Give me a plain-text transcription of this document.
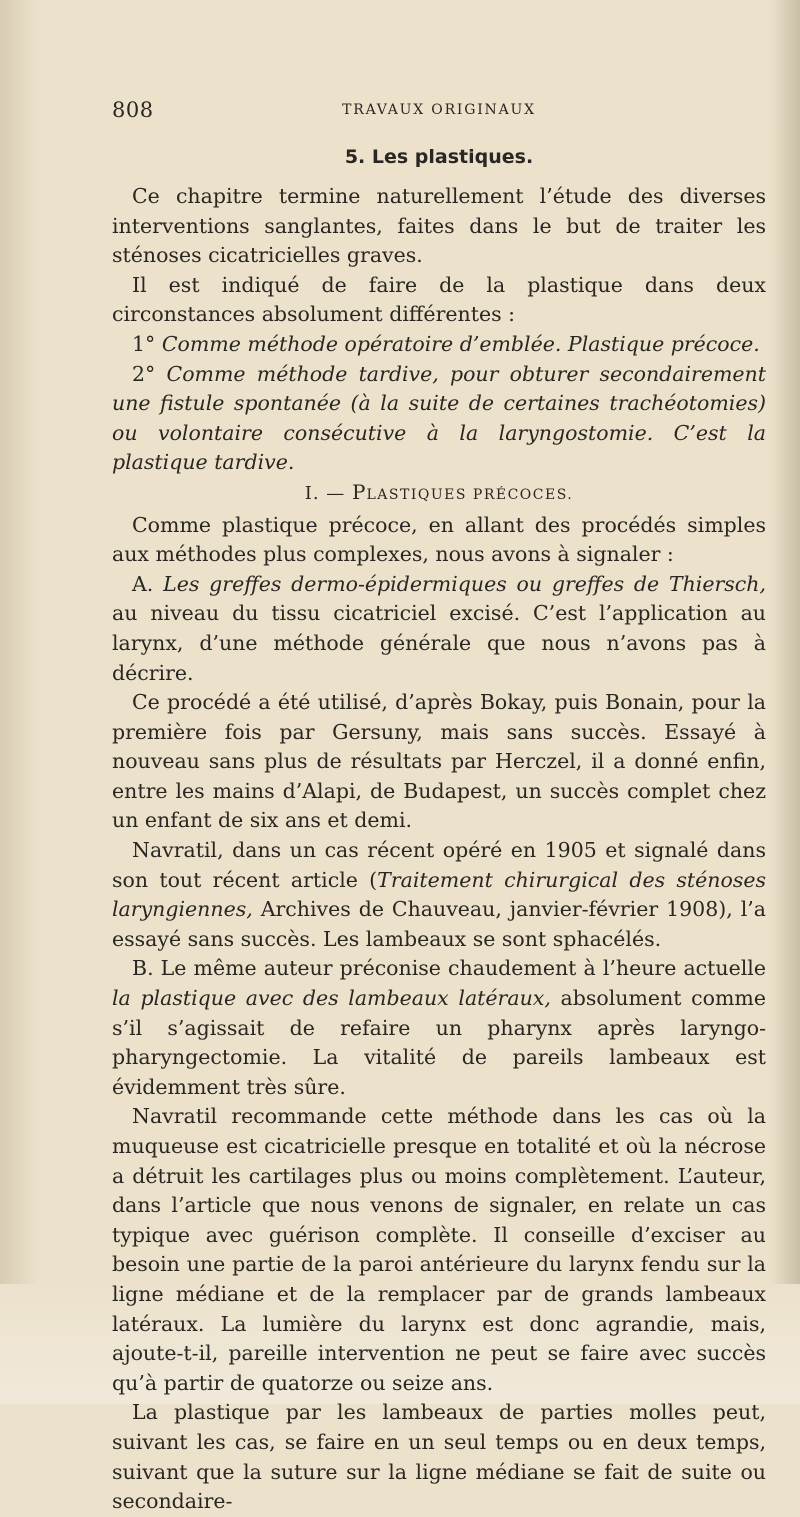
808	TRAVAUX ORIGINAUX
5. Les plastiques.

Ce chapitre termine naturellement l’étude des diverses interventions sanglantes, faites dans le but de traiter les sténoses cicatricielles graves.

Il est indiqué de faire de la plastique dans deux circonstances absolument différentes :

1° Comme méthode opératoire d’emblée. Plastique précoce.

2° Comme méthode tardive, pour obturer secondairement une fistule spontanée (à la suite de certaines trachéotomies) ou volontaire consécutive à la laryngostomie. C’est la plastique tardive.

I. — PLASTIQUES PRÉCOCES.

Comme plastique précoce, en allant des procédés simples aux méthodes plus complexes, nous avons à signaler :

A. Les greffes dermo-épidermiques ou greffes de Thiersch, au niveau du tissu cicatriciel excisé. C’est l’application au larynx, d’une méthode générale que nous n’avons pas à décrire.

Ce procédé a été utilisé, d’après Bokay, puis Bonain, pour la première fois par Gersuny, mais sans succès. Essayé à nouveau sans plus de résultats par Herczel, il a donné enfin, entre les mains d’Alapi, de Budapest, un succès complet chez un enfant de six ans et demi.

Navratil, dans un cas récent opéré en 1905 et signalé dans son tout récent article (Traitement chirurgical des sténoses laryngiennes, Archives de Chauveau, janvier-février 1908), l’a essayé sans succès. Les lambeaux se sont sphacélés.

B. Le même auteur préconise chaudement à l’heure actuelle la plastique avec des lambeaux latéraux, absolument comme s’il s’agissait de refaire un pharynx après laryngo-pharyngectomie. La vitalité de pareils lambeaux est évidemment très sûre.

Navratil recommande cette méthode dans les cas où la muqueuse est cicatricielle presque en totalité et où la nécrose a détruit les cartilages plus ou moins complètement. L’auteur, dans l’article que nous venons de signaler, en relate un cas typique avec guérison complète. Il conseille d’exciser au besoin une partie de la paroi antérieure du larynx fendu sur la ligne médiane et de la remplacer par de grands lambeaux latéraux. La lumière du larynx est donc agrandie, mais, ajoute-t-il, pareille intervention ne peut se faire avec succès qu’à partir de quatorze ou seize ans.

La plastique par les lambeaux de parties molles peut, suivant les cas, se faire en un seul temps ou en deux temps, suivant que la suture sur la ligne médiane se fait de suite ou secondaire-
